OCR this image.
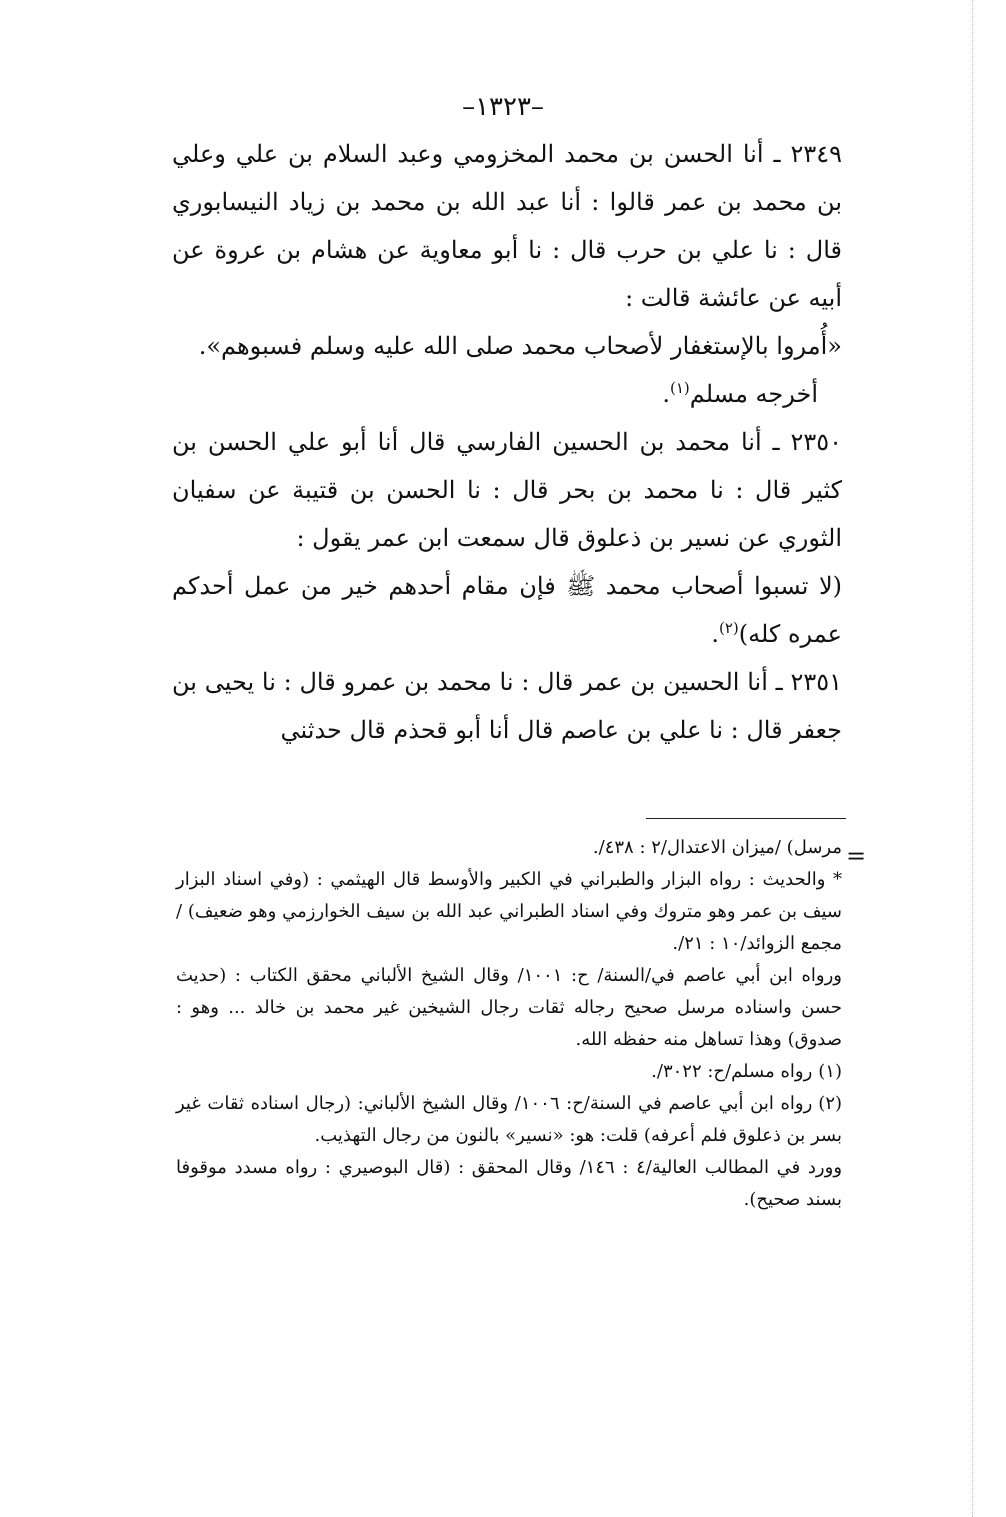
–١٣٢٣–

٢٣٤٩ ـ أنا الحسن بن محمد المخزومي وعبد السلام بن علي وعلي بن محمد بن عمر قالوا : أنا عبد الله بن محمد بن زياد النيسابوري قال : نا علي بن حرب قال : نا أبو معاوية عن هشام بن عروة عن أبيه عن عائشة قالت :

«أُمروا بالإستغفار لأصحاب محمد صلى الله عليه وسلم فسبوهم».

 أخرجه مسلم$^{(١)}$.

٢٣٥٠ ـ أنا محمد بن الحسين الفارسي قال أنا أبو علي الحسن بن كثير قال : نا محمد بن بحر قال : نا الحسن بن قتيبة عن سفيان الثوري عن نسير بن ذعلوق قال سمعت ابن عمر يقول :

(لا تسبوا أصحاب محمد ﷺ فإن مقام أحدهم خير من عمل أحدكم عمره كله)$^{(٢)}$.

٢٣٥١ ـ أنا الحسين بن عمر قال : نا محمد بن عمرو قال : نا يحيى بن جعفر قال : نا علي بن عاصم قال أنا أبو قحذم قال حدثني

=

مرسل) /ميزان الاعتدال/٢ : ٤٣٨/.

* والحديث : رواه البزار والطبراني في الكبير والأوسط قال الهيثمي : (وفي اسناد البزار سيف بن عمر وهو متروك وفي اسناد الطبراني عبد الله بن سيف الخوارزمي وهو ضعيف) /مجمع الزوائد/١٠ : ٢١/.

ورواه ابن أبي عاصم في/السنة/ ح: ١٠٠١/ وقال الشيخ الألباني محقق الكتاب : (حديث حسن واسناده مرسل صحيح رجاله ثقات رجال الشيخين غير محمد بن خالد ... وهو : صدوق) وهذا تساهل منه حفظه الله.

(١)رواه مسلم/ح: ٣٠٢٢/.

(٢)رواه ابن أبي عاصم في السنة/ح: ١٠٠٦/ وقال الشيخ الألباني: (رجال اسناده ثقات غير بسر بن ذعلوق فلم أعرفه) قلت: هو: «نسير» بالنون من رجال التهذيب.

وورد في المطالب العالية/٤ : ١٤٦/ وقال المحقق : (قال البوصيري : رواه مسدد موقوفا بسند صحيح).
